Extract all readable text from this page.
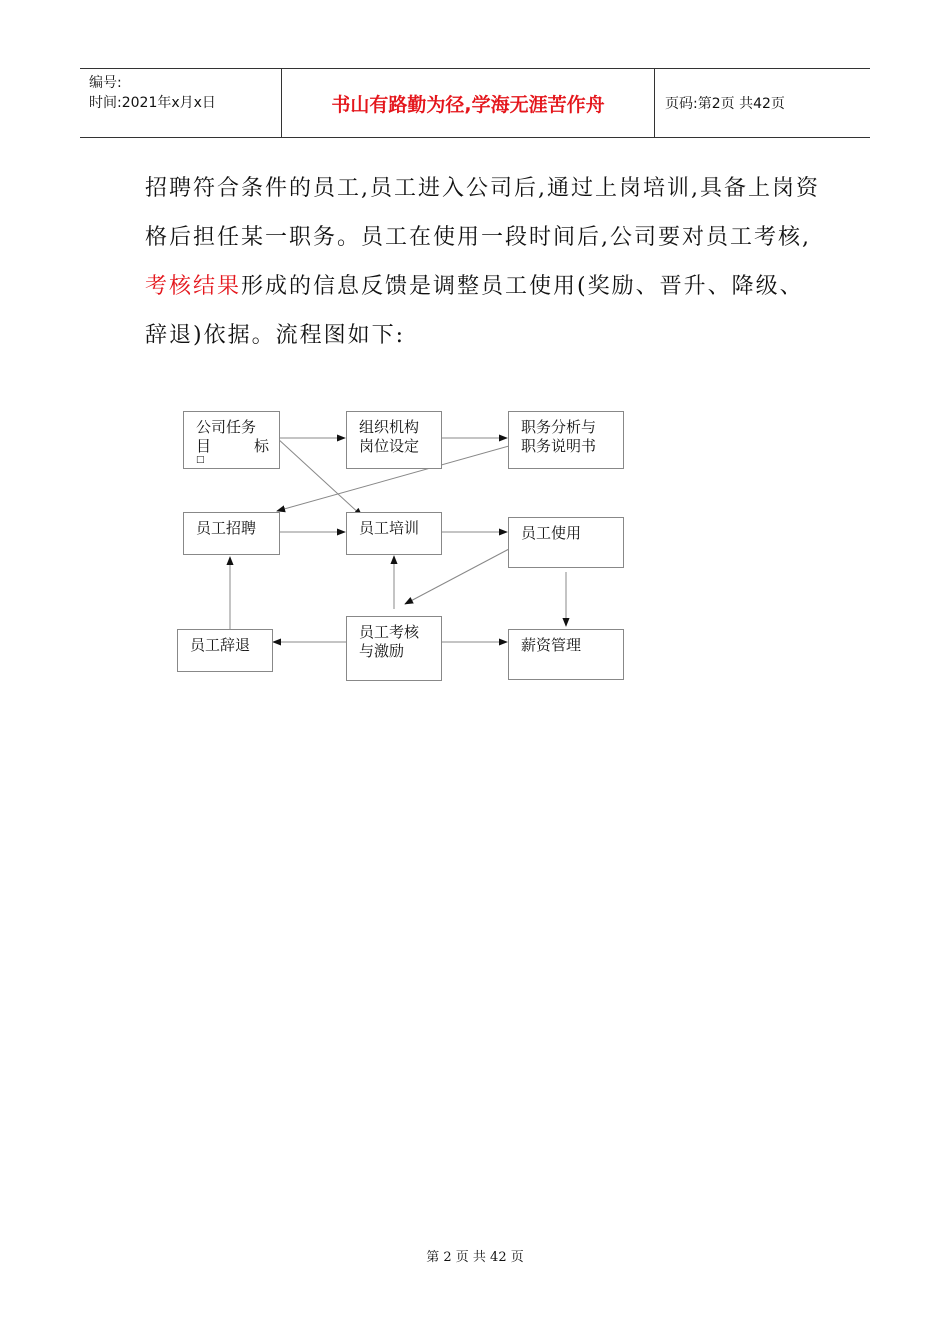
编号:
时间:2021年x月x日	书山有路勤为径,学海无涯苦作舟	页码:第2页 共42页
招聘符合条件的员工,员工进入公司后,通过上岗培训,具备上岗资格后担任某一职务。员工在使用一段时间后,公司要对员工考核,考核结果形成的信息反馈是调整员工使用(奖励、晋升、降级、辞退)依据。流程图如下:
公司任务
目	标
□
组织机构
岗位设定
职务分析与
职务说明书
员工招聘	员工培训	员工使用
员工辞退
员工考核
与激励	薪资管理
第 2 页 共 42 页
